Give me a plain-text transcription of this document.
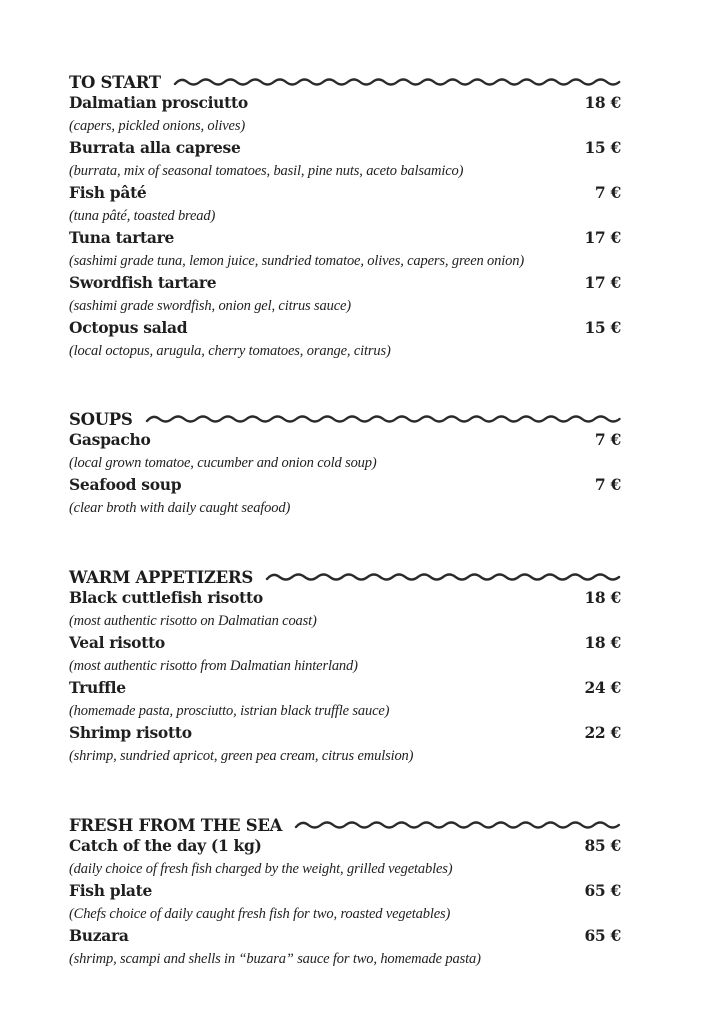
TO START
Dalmatian prosciutto	18 €
(capers, pickled onions, olives)
Burrata alla caprese	15 €
(burrata, mix of seasonal tomatoes, basil, pine nuts, aceto balsamico)
Fish pâté	7 €
(tuna pâté, toasted bread)
Tuna tartare	17 €
(sashimi grade tuna, lemon juice, sundried tomatoe, olives, capers, green onion)
Swordfish tartare	17 €
(sashimi grade swordfish, onion gel, citrus sauce)
Octopus salad	15 €
(local octopus, arugula, cherry tomatoes, orange, citrus)
SOUPS
Gaspacho	7 €
(local grown tomatoe, cucumber and onion cold soup)
Seafood soup	7 €
(clear broth with daily caught seafood)
WARM APPETIZERS
Black cuttlefish risotto	18 €
(most authentic risotto on Dalmatian coast)
Veal risotto	18 €
(most authentic risotto from Dalmatian hinterland)
Truffle	24 €
(homemade pasta, prosciutto, istrian black truffle sauce)
Shrimp risotto	22 €
(shrimp, sundried apricot, green pea cream, citrus emulsion)
FRESH FROM THE SEA
Catch of the day (1 kg)	85 €
(daily choice of fresh fish charged by the weight, grilled vegetables)
Fish plate	65 €
(Chefs choice of daily caught fresh fish for two, roasted vegetables)
Buzara	65 €
(shrimp, scampi and shells in “buzara” sauce for two, homemade pasta)
